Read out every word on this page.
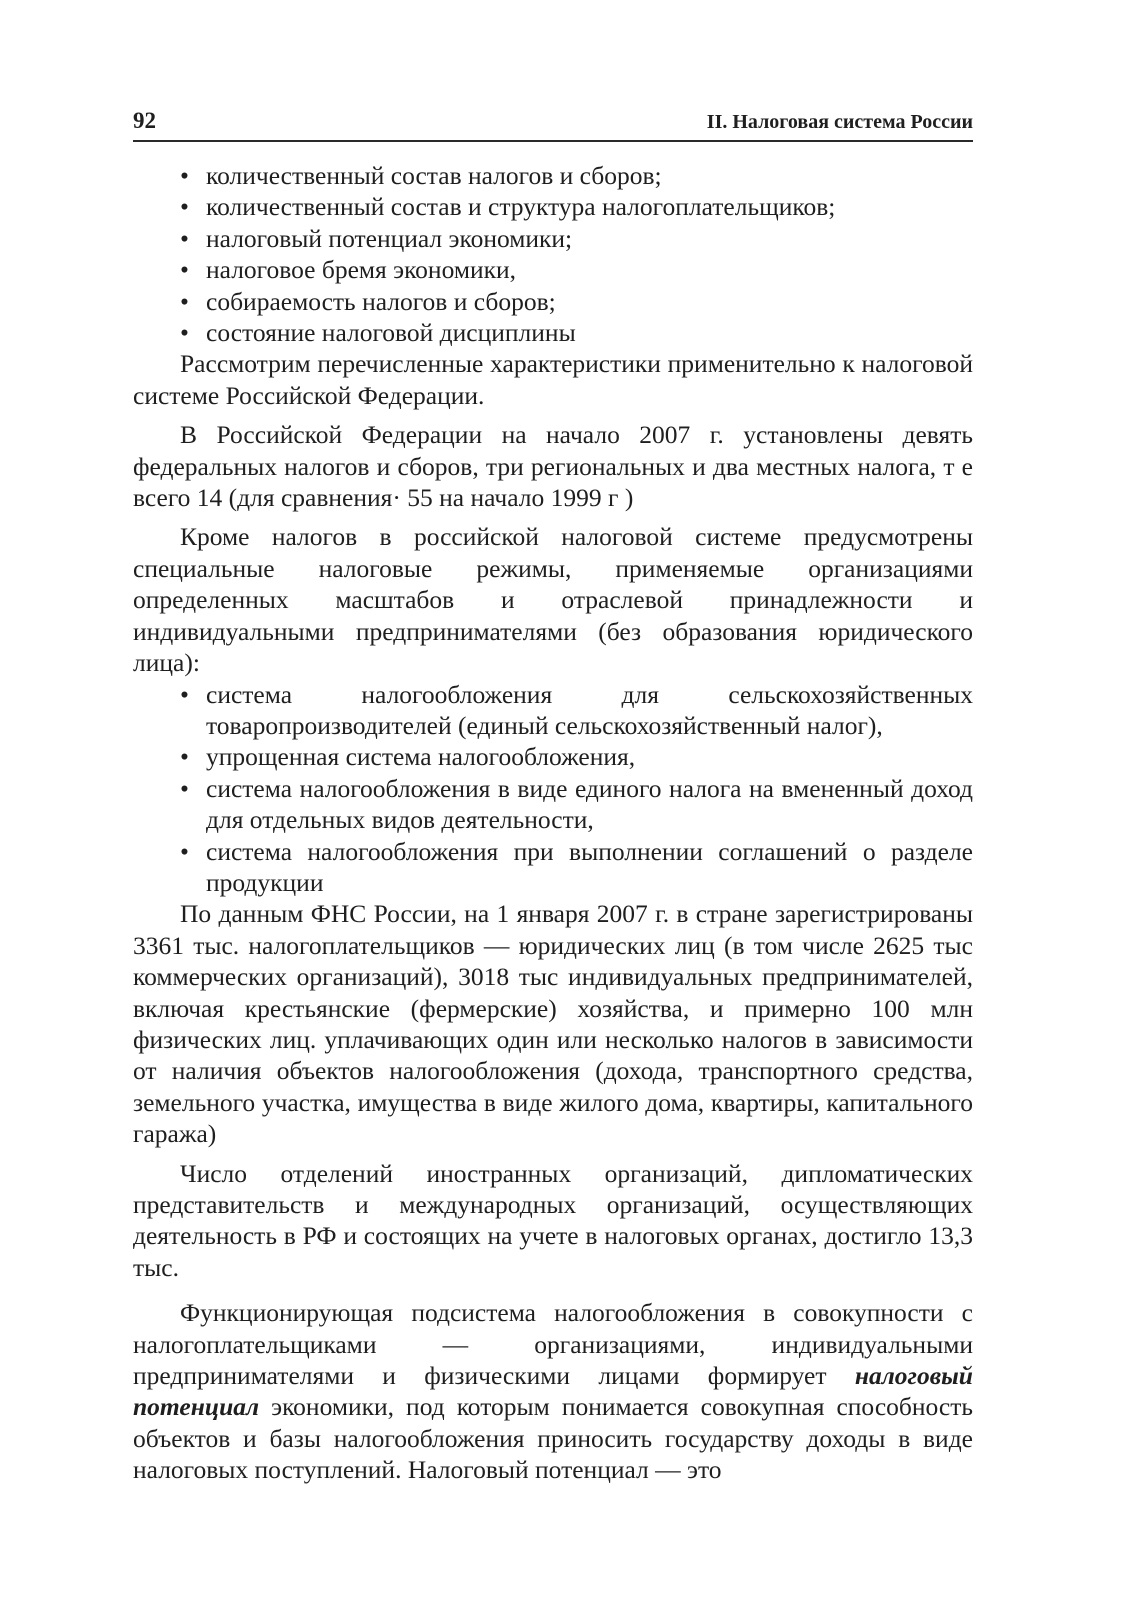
92	II. Налоговая система России
• количественный состав налогов и сборов;
• количественный состав и структура налогоплательщиков;
• налоговый потенциал экономики;
• налоговое бремя экономики,
• собираемость налогов и сборов;
• состояние налоговой дисциплины

Рассмотрим перечисленные характеристики применительно к налоговой системе Российской Федерации.

В Российской Федерации на начало 2007 г. установлены девять федеральных налогов и сборов, три региональных и два местных налога, т е всего 14 (для сравнения· 55 на начало 1999 г )

Кроме налогов в российской налоговой системе предусмотрены специальные налоговые режимы, применяемые организациями определенных масштабов и отраслевой принадлежности и индивидуальными предпринимателями (без образования юридического лица):

• система налогообложения для сельскохозяйственных товаропроизводителей (единый сельскохозяйственный налог),
• упрощенная система налогообложения,
• система налогообложения в виде единого налога на вмененный доход для отдельных видов деятельности,
• система налогообложения при выполнении соглашений о разделе продукции

По данным ФНС России, на 1 января 2007 г. в стране зарегистрированы 3361 тыс. налогоплательщиков — юридических лиц (в том числе 2625 тыс коммерческих организаций), 3018 тыс индивидуальных предпринимателей, включая крестьянские (фермерские) хозяйства, и примерно 100 млн физических лиц. уплачивающих один или несколько налогов в зависимости от наличия объектов налогообложения (дохода, транспортного средства, земельного участка, имущества в виде жилого дома, квартиры, капитального гаража)

Число отделений иностранных организаций, дипломатических представительств и международных организаций, осуществляющих деятельность в РФ и состоящих на учете в налоговых органах, достигло 13,3 тыс.

Функционирующая подсистема налогообложения в совокупности с налогоплательщиками — организациями, индивидуальными предпринимателями и физическими лицами формирует налоговый потенциал экономики, под которым понимается совокупная способность объектов и базы налогообложения приносить государству доходы в виде налоговых поступлений. Налоговый потенциал — это
